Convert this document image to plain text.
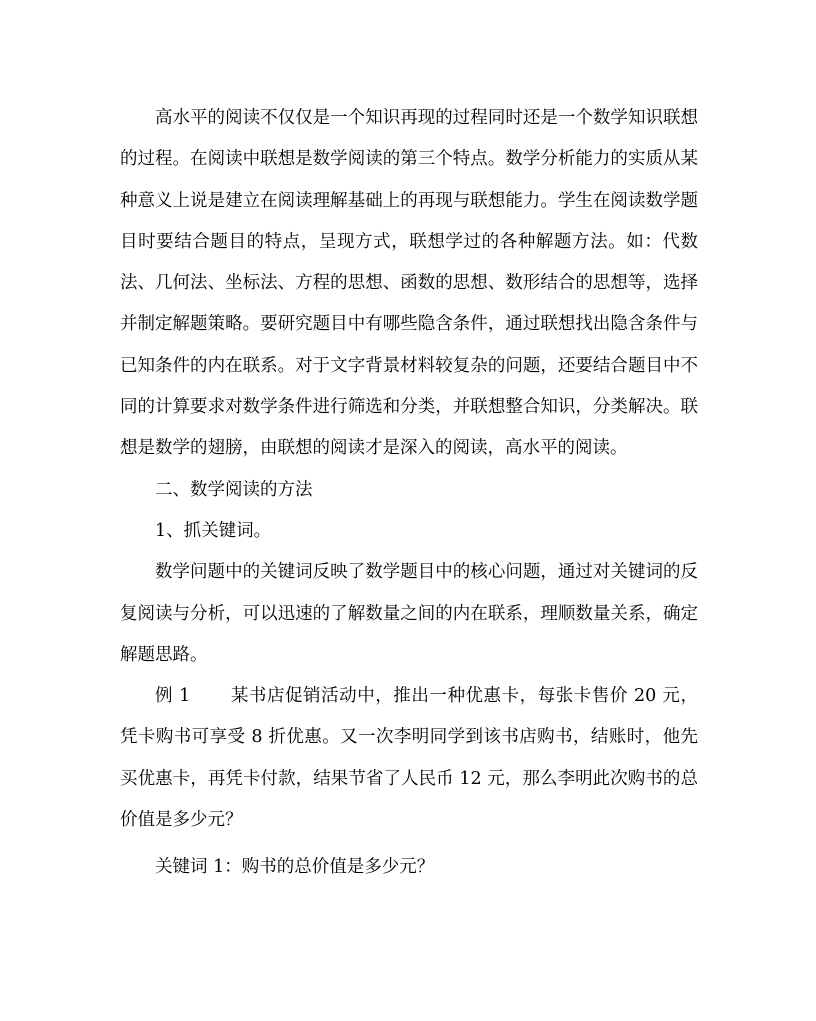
高水平的阅读不仅仅是一个知识再现的过程同时还是一个数学知识联想的过程。在阅读中联想是数学阅读的第三个特点。数学分析能力的实质从某种意义上说是建立在阅读理解基础上的再现与联想能力。学生在阅读数学题目时要结合题目的特点，呈现方式，联想学过的各种解题方法。如：代数法、几何法、坐标法、方程的思想、函数的思想、数形结合的思想等，选择并制定解题策略。要研究题目中有哪些隐含条件，通过联想找出隐含条件与已知条件的内在联系。对于文字背景材料较复杂的问题，还要结合题目中不同的计算要求对数学条件进行筛选和分类，并联想整合知识，分类解决。联想是数学的翅膀，由联想的阅读才是深入的阅读，高水平的阅读。

二、数学阅读的方法

1、抓关键词。

数学问题中的关键词反映了数学题目中的核心问题，通过对关键词的反复阅读与分析，可以迅速的了解数量之间的内在联系，理顺数量关系，确定解题思路。

例 1 某书店促销活动中，推出一种优惠卡，每张卡售价 20 元，凭卡购书可享受 8 折优惠。又一次李明同学到该书店购书，结账时，他先买优惠卡，再凭卡付款，结果节省了人民币 12 元，那么李明此次购书的总价值是多少元？

关键词 1：购书的总价值是多少元？
